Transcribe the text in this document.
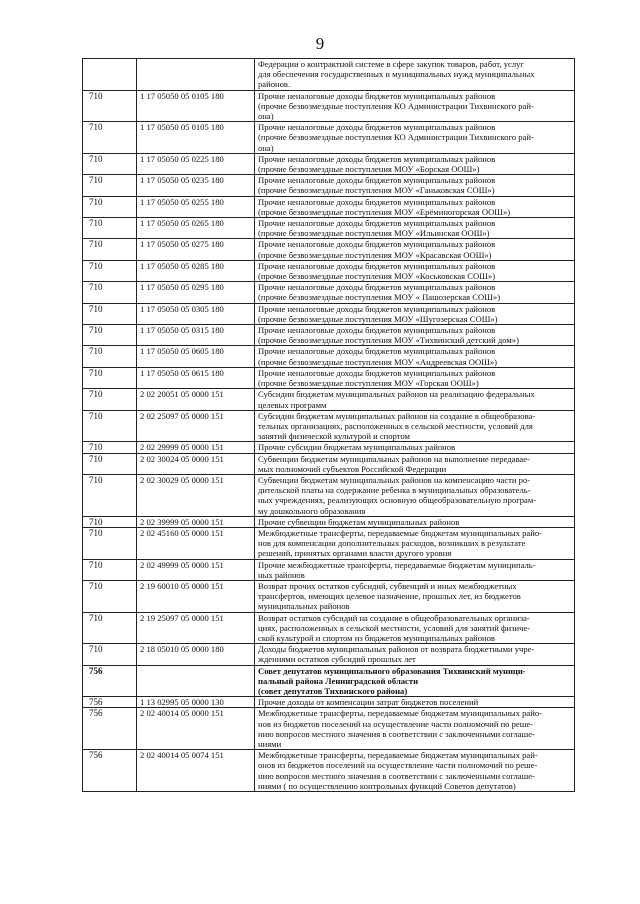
9

		Федерации о контрактной системе в сфере закупок товаров, работ, услуг
для обеспечения государственных и муниципальных нужд муниципальных
районов.

710	1 17 05050 05 0105 180	Прочие неналоговые доходы бюджетов муниципальных районов
(прочие безвозмездные поступления КО Администрации Тихвинского рай-
она)

710	1 17 05050 05 0105 180	Прочие неналоговые доходы бюджетов муниципальных районов
(прочие безвозмездные поступления КО Администрации Тихвинского рай-
она)

710	1 17 05050 05 0225 180	Прочие неналоговые доходы бюджетов муниципальных районов
(прочие безвозмездные поступления МОУ «Борская ООШ»)

710	1 17 05050 05 0235 180	Прочие неналоговые доходы бюджетов муниципальных районов
(прочие безвозмездные поступления МОУ «Ганьковская СОШ»)

710	1 17 05050 05 0255 180	Прочие неналоговые доходы бюджетов муниципальных районов
(прочие безвозмездные поступления МОУ «Ерёминогорская ООШ»)

710	1 17 05050 05 0265 180	Прочие неналоговые доходы бюджетов муниципальных районов
(прочие безвозмездные поступления МОУ «Ильинская ООШ»)

710	1 17 05050 05 0275 180	Прочие неналоговые доходы бюджетов муниципальных районов
(прочие безвозмездные поступления МОУ «Красавская ООШ»)

710	1 17 05050 05 0285 180	Прочие неналоговые доходы бюджетов муниципальных районов
(прочие безвозмездные поступления МОУ «Коськовская СОШ»)

710	1 17 05050 05 0295 180	Прочие неналоговые доходы бюджетов муниципальных районов
(прочие безвозмездные поступления МОУ « Пашозерская СОШ»)

710	1 17 05050 05 0305 180	Прочие неналоговые доходы бюджетов муниципальных районов
(прочие безвозмездные поступления МОУ «Шугозерская СОШ»)

710	1 17 05050 05 0315 180	Прочие неналоговые доходы бюджетов муниципальных районов
(прочие безвозмездные поступления МОУ «Тихвинский детский дом»)

710	1 17 05050 05 0605 180	Прочие неналоговые доходы бюджетов муниципальных районов
(прочие безвозмездные поступления МОУ «Андреевская ООШ»)

710	1 17 05050 05 0615 180	Прочие неналоговые доходы бюджетов муниципальных районов
(прочие безвозмездные поступления МОУ «Горская ООШ»)

710	2 02 20051 05 0000 151	Субсидии бюджетам муниципальных районов на реализацию федеральных
целевых программ

710	2 02 25097 05 0000 151	Субсидии бюджетам муниципальных районов на создание в общеобразова-
тельных организациях, расположенных в сельской местности, условий для
занятий физической культурой и спортом

710	2 02 29999 05 0000 151	Прочие субсидии бюджетам муниципальных районов

710	2 02 30024 05 0000 151	Субвенции бюджетам муниципальных районов на выполнение передавае-
мых полномочий субъектов Российской Федерации

710	2 02 30029 05 0000 151	Субвенции бюджетам муниципальных районов на компенсацию части ро-
дительской платы на содержание ребенка в муниципальных образователь-
ных учреждениях, реализующих основную общеобразовательную програм-
му дошкольного образования

710	2 02 39999 05 0000 151	Прочие субвенции бюджетам муниципальных районов

710	2 02 45160 05 0000 151	Межбюджетные трансферты, передаваемые бюджетам муниципальных райо-
нов для компенсации дополнительных расходов, возникших в результате
решений, принятых органами власти другого уровня

710	2 02 49999 05 0000 151	Прочие межбюджетные трансферты, передаваемые бюджетам муниципаль-
ных районов

710	2 19 60010 05 0000 151	Возврат прочих остатков субсидий, субвенций и иных межбюджетных
трансфертов, имеющих целевое назначение, прошлых лет, из бюджетов
муниципальных районов

710	2 19 25097 05 0000 151	Возврат остатков субсидий на создание в общеобразовательных организа-
циях, расположенных в сельской местности, условий для занятий физиче-
ской культурой и спортом из бюджетов муниципальных районов

710	2 18 05010 05 0000 180	Доходы бюджетов муниципальных районов от возврата бюджетными учре-
ждениями остатков субсидий прошлых лет

756		Совет депутатов муниципального образования Тихвинский муници-
пальный района Ленинградской области
(совет депутатов Тихвинского района)

756	1 13 02995 05 0000 130	Прочие доходы от компенсации затрат бюджетов поселений

756	2 02 40014 05 0000 151	Межбюджетные трансферты, передаваемые бюджетам муниципальных райо-
нов из бюджетов поселений на осуществление части полномочий по реше-
нию вопросов местного значения в соответствии с заключенными соглаше-
ниями

756	2 02 40014 05 0074 151	Межбюджетные трансферты, передаваемые бюджетам муниципальных рай-
онов из бюджетов поселений на осуществление части полномочий по реше-
нию вопросов местного значения в соответствии с заключенными соглаше-
ниями ( по осуществлению контрольных функций Советов депутатов)
